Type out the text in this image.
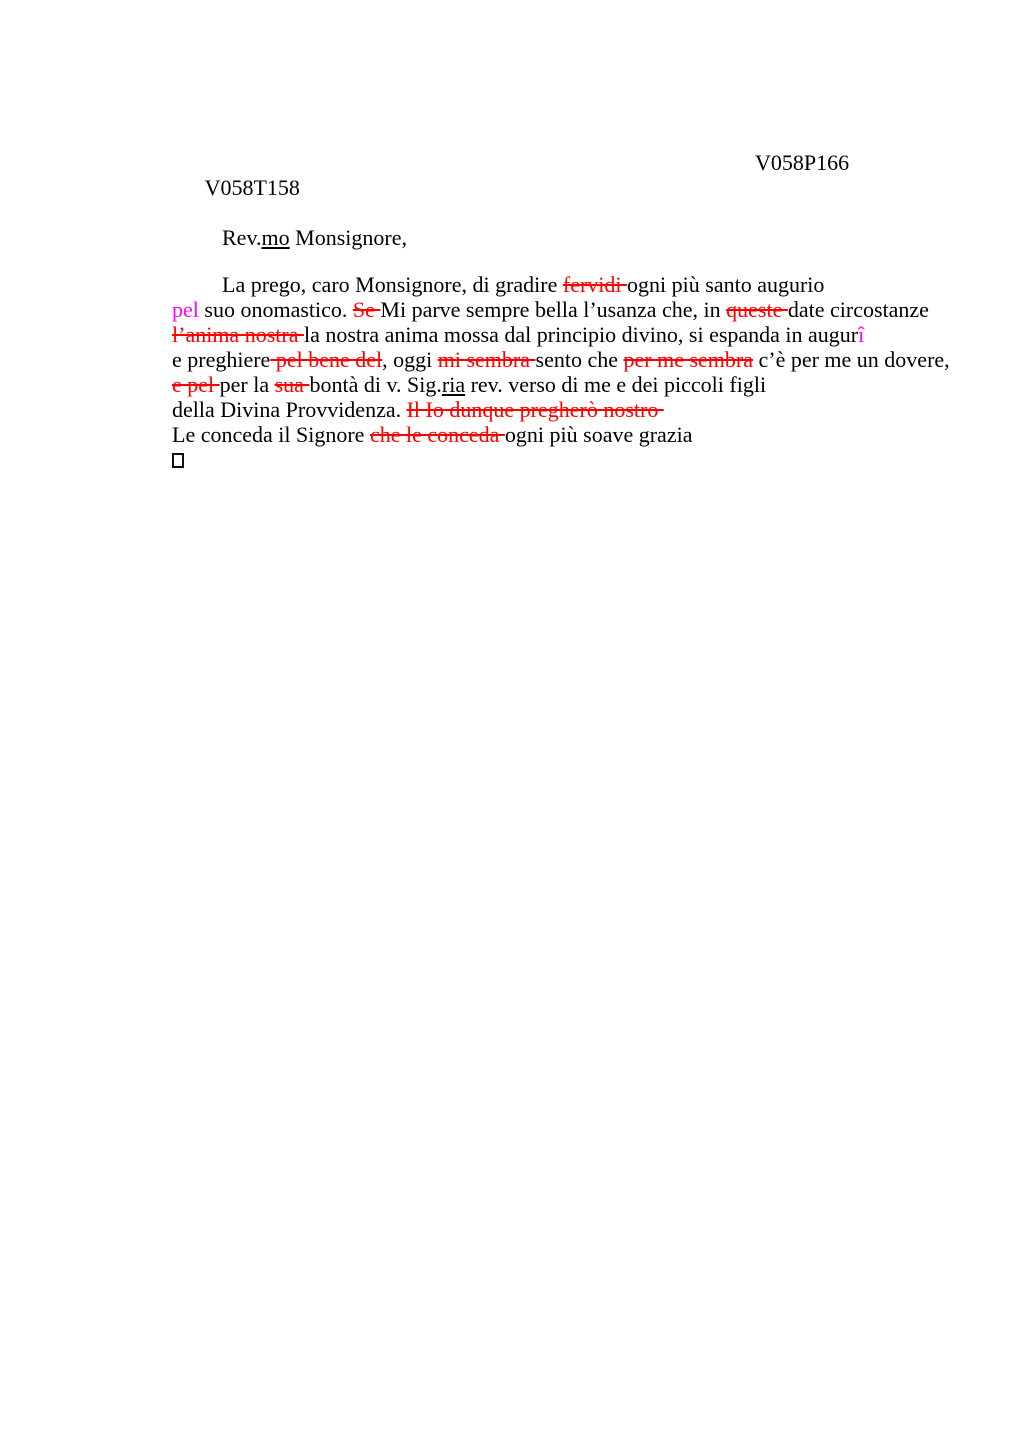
V058T158

V058P166

Rev.mo Monsignore,
La prego, caro Monsignore, di gradire fervidi ogni più santo augurio
pel suo onomastico. Se Mi parve sempre bella l’usanza che, in queste date circostanze
l’anima nostra la nostra anima mossa dal principio divino, si espanda in augurî
e preghiere pel bene del, oggi mi sembra sento che per me sembra c’è per me un dovere,
e pel per la sua bontà di v. Sig.ria rev. verso di me e dei piccoli figli
della Divina Provvidenza. Il Io dunque pregherò nostro
Le conceda il Signore che le conceda ogni più soave grazia
